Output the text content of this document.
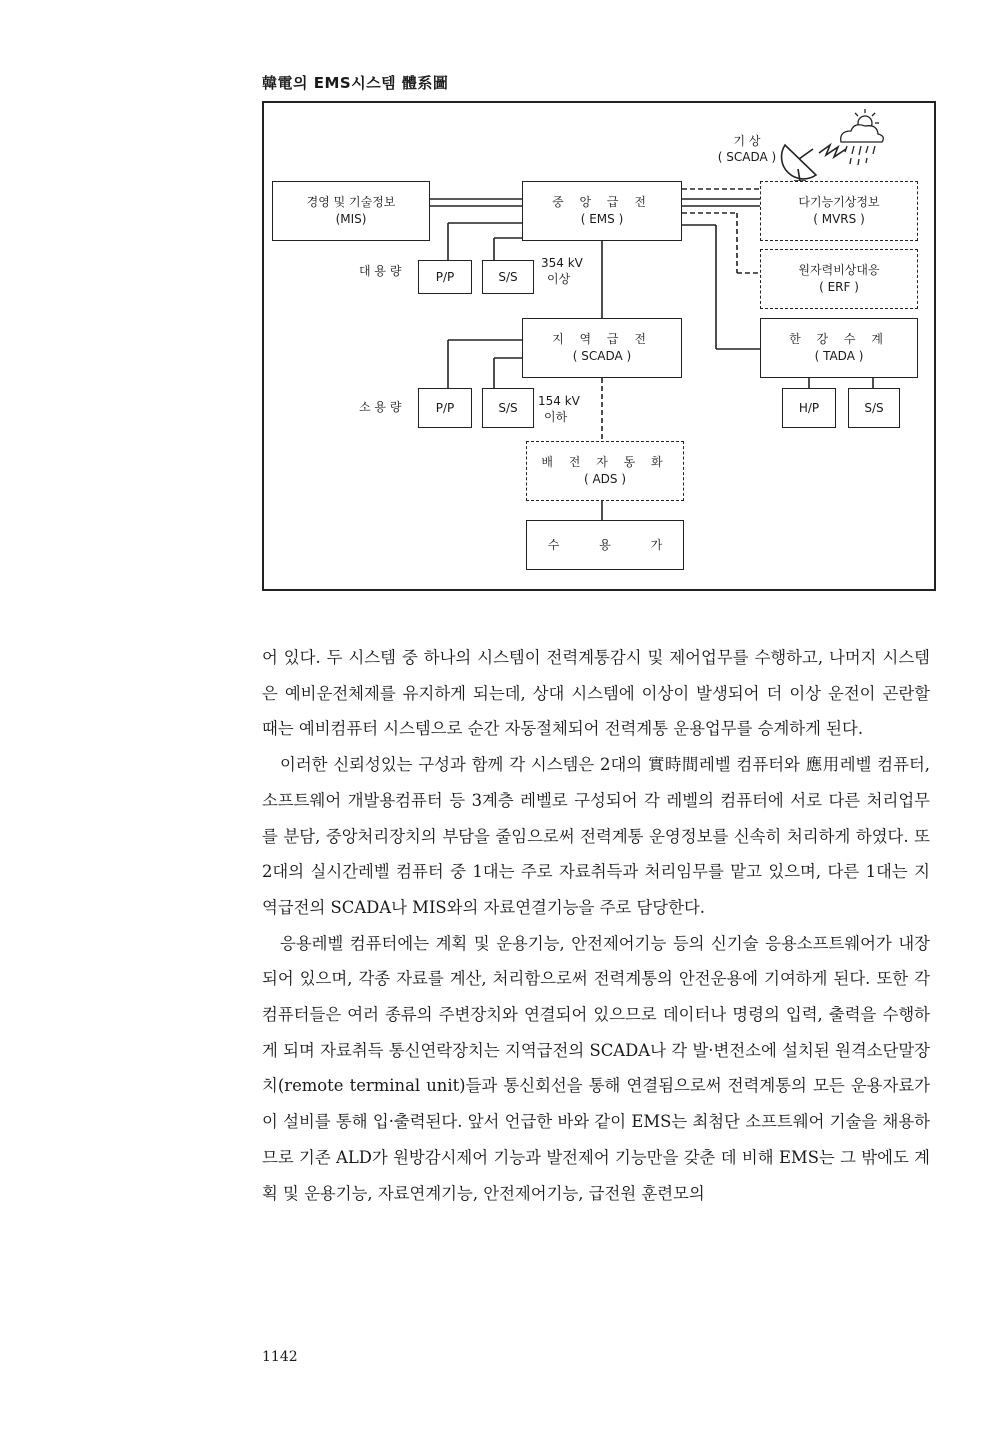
韓電의 EMS시스템 體系圖
경영 및 기술정보
(MIS)
중 앙 급 전
( EMS )
기 상
( SCADA )
다기능기상정보
( MVRS )
원자력비상대응
( ERF )
대 용 량	P/P	S/S
354 kV
이상
지 역 급 전
( SCADA )
한 강 수 계
( TADA )
소 용 량	P/P	S/S 154 kV
이하
H/P	S/S
배 전 자 동 화
( ADS )
수 용 가

어 있다. 두 시스템 중 하나의 시스템이 전력계통감시 및 제어업무를 수행하고, 나머지 시스템은 예비운전체제를 유지하게 되는데, 상대 시스템에 이상이 발생되어 더 이상 운전이 곤란할 때는 예비컴퓨터 시스템으로 순간 자동절체되어 전력계통 운용업무를 승계하게 된다.

이러한 신뢰성있는 구성과 함께 각 시스템은 2대의 實時間레벨 컴퓨터와 應用레벨 컴퓨터, 소프트웨어 개발용컴퓨터 등 3계층 레벨로 구성되어 각 레벨의 컴퓨터에 서로 다른 처리업무를 분담, 중앙처리장치의 부담을 줄임으로써 전력계통 운영정보를 신속히 처리하게 하였다. 또 2대의 실시간레벨 컴퓨터 중 1대는 주로 자료취득과 처리임무를 맡고 있으며, 다른 1대는 지역급전의 SCADA나 MIS와의 자료연결기능을 주로 담당한다.

응용레벨 컴퓨터에는 계획 및 운용기능, 안전제어기능 등의 신기술 응용소프트웨어가 내장되어 있으며, 각종 자료를 계산, 처리함으로써 전력계통의 안전운용에 기여하게 된다. 또한 각 컴퓨터들은 여러 종류의 주변장치와 연결되어 있으므로 데이터나 명령의 입력, 출력을 수행하게 되며 자료취득 통신연락장치는 지역급전의 SCADA나 각 발·변전소에 설치된 원격소단말장치(remote terminal unit)들과 통신회선을 통해 연결됨으로써 전력계통의 모든 운용자료가 이 설비를 통해 입·출력된다. 앞서 언급한 바와 같이 EMS는 최첨단 소프트웨어 기술을 채용하므로 기존 ALD가 원방감시제어 기능과 발전제어 기능만을 갖춘 데 비해 EMS는 그 밖에도 계획 및 운용기능, 자료연계기능, 안전제어기능, 급전원 훈련모의

1142
